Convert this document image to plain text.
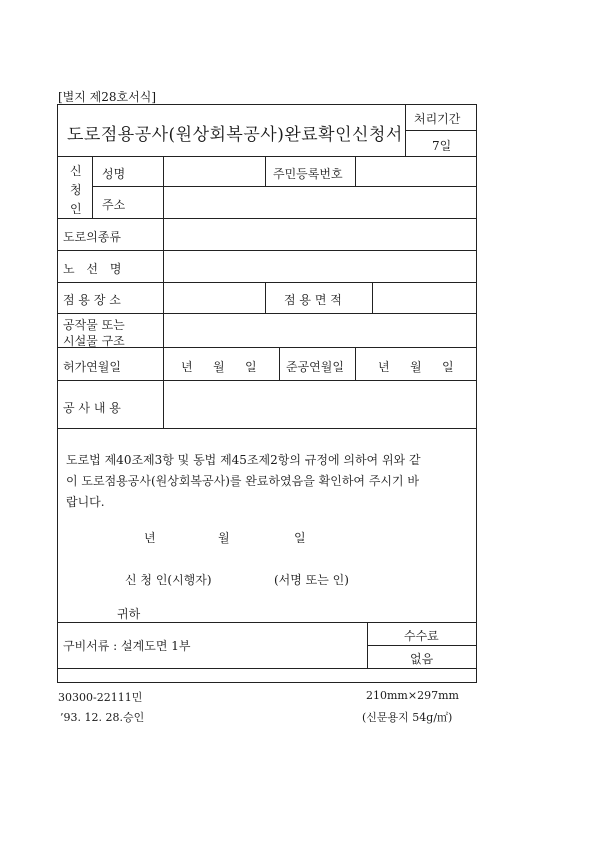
[별지 제28호서식]
도로점용공사(원상회복공사)완료확인신청서
처리기간
7일
신
청
인
성명	주민등록번호
주소
도로의종류
노 선 명
점 용 장 소	점 용 면 적
공작물 또는
시설물 구조
허가연월일	년 월 일 준공연월일	년 월 일
공 사 내 용
도로법 제40조제3항 및 동법 제45조제2항의 규정에 의하여 위와 같
이 도로점용공사(원상회복공사)를 완료하였음을 확인하여 주시기 바
랍니다.
년	월	일
신 청 인(시행자)	(서명 또는 인)
귀하
구비서류 : 설계도면 1부
수수료
없음
30300-22111민
’93. 12. 28.승인
210mm×297mm
(신문용지 54g/㎡)
